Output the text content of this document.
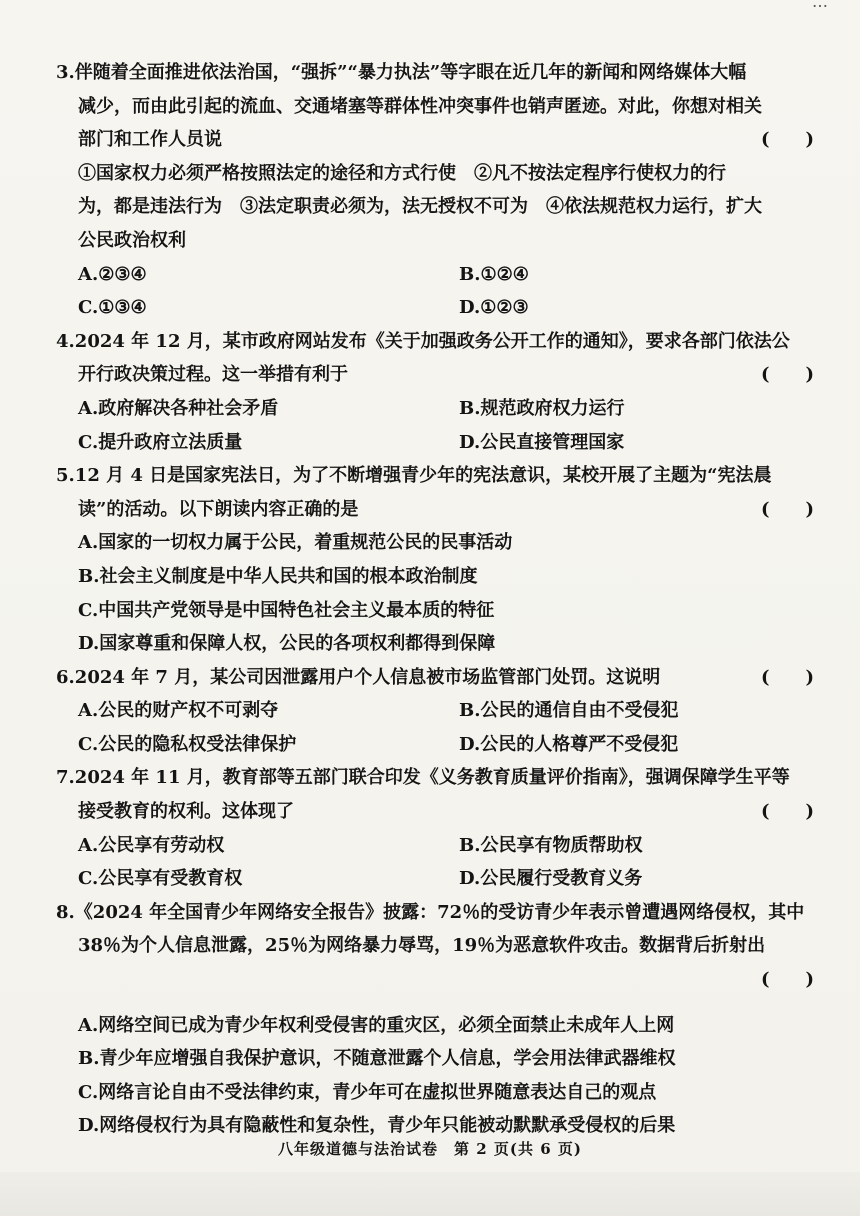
…
3.伴随着全面推进依法治国，“强拆”“暴力执法”等字眼在近几年的新闻和网络媒体大幅
减少，而由此引起的流血、交通堵塞等群体性冲突事件也销声匿迹。对此，你想对相关
部门和工作人员说	(　　)
①国家权力必须严格按照法定的途径和方式行使　②凡不按法定程序行使权力的行
为，都是违法行为　③法定职责必须为，法无授权不可为　④依法规范权力运行，扩大
公民政治权利
A.②③④	B.①②④
C.①③④	D.①②③
4.2024 年 12 月，某市政府网站发布《关于加强政务公开工作的通知》，要求各部门依法公
开行政决策过程。这一举措有利于	(　　)
A.政府解决各种社会矛盾	B.规范政府权力运行
C.提升政府立法质量	D.公民直接管理国家
5.12 月 4 日是国家宪法日，为了不断增强青少年的宪法意识，某校开展了主题为“宪法晨
读”的活动。以下朗读内容正确的是	(　　)
A.国家的一切权力属于公民，着重规范公民的民事活动
B.社会主义制度是中华人民共和国的根本政治制度
C.中国共产党领导是中国特色社会主义最本质的特征
D.国家尊重和保障人权，公民的各项权利都得到保障
6.2024 年 7 月，某公司因泄露用户个人信息被市场监管部门处罚。这说明	(　　)
A.公民的财产权不可剥夺	B.公民的通信自由不受侵犯
C.公民的隐私权受法律保护	D.公民的人格尊严不受侵犯
7.2024 年 11 月，教育部等五部门联合印发《义务教育质量评价指南》，强调保障学生平等
接受教育的权利。这体现了	(　　)
A.公民享有劳动权	B.公民享有物质帮助权
C.公民享有受教育权	D.公民履行受教育义务
8.《2024 年全国青少年网络安全报告》披露：72％的受访青少年表示曾遭遇网络侵权，其中
38％为个人信息泄露，25％为网络暴力辱骂，19％为恶意软件攻击。数据背后折射出
(　　)
A.网络空间已成为青少年权利受侵害的重灾区，必须全面禁止未成年人上网
B.青少年应增强自我保护意识，不随意泄露个人信息，学会用法律武器维权
C.网络言论自由不受法律约束，青少年可在虚拟世界随意表达自己的观点
D.网络侵权行为具有隐蔽性和复杂性，青少年只能被动默默承受侵权的后果
八年级道德与法治试卷　第 2 页(共 6 页)
